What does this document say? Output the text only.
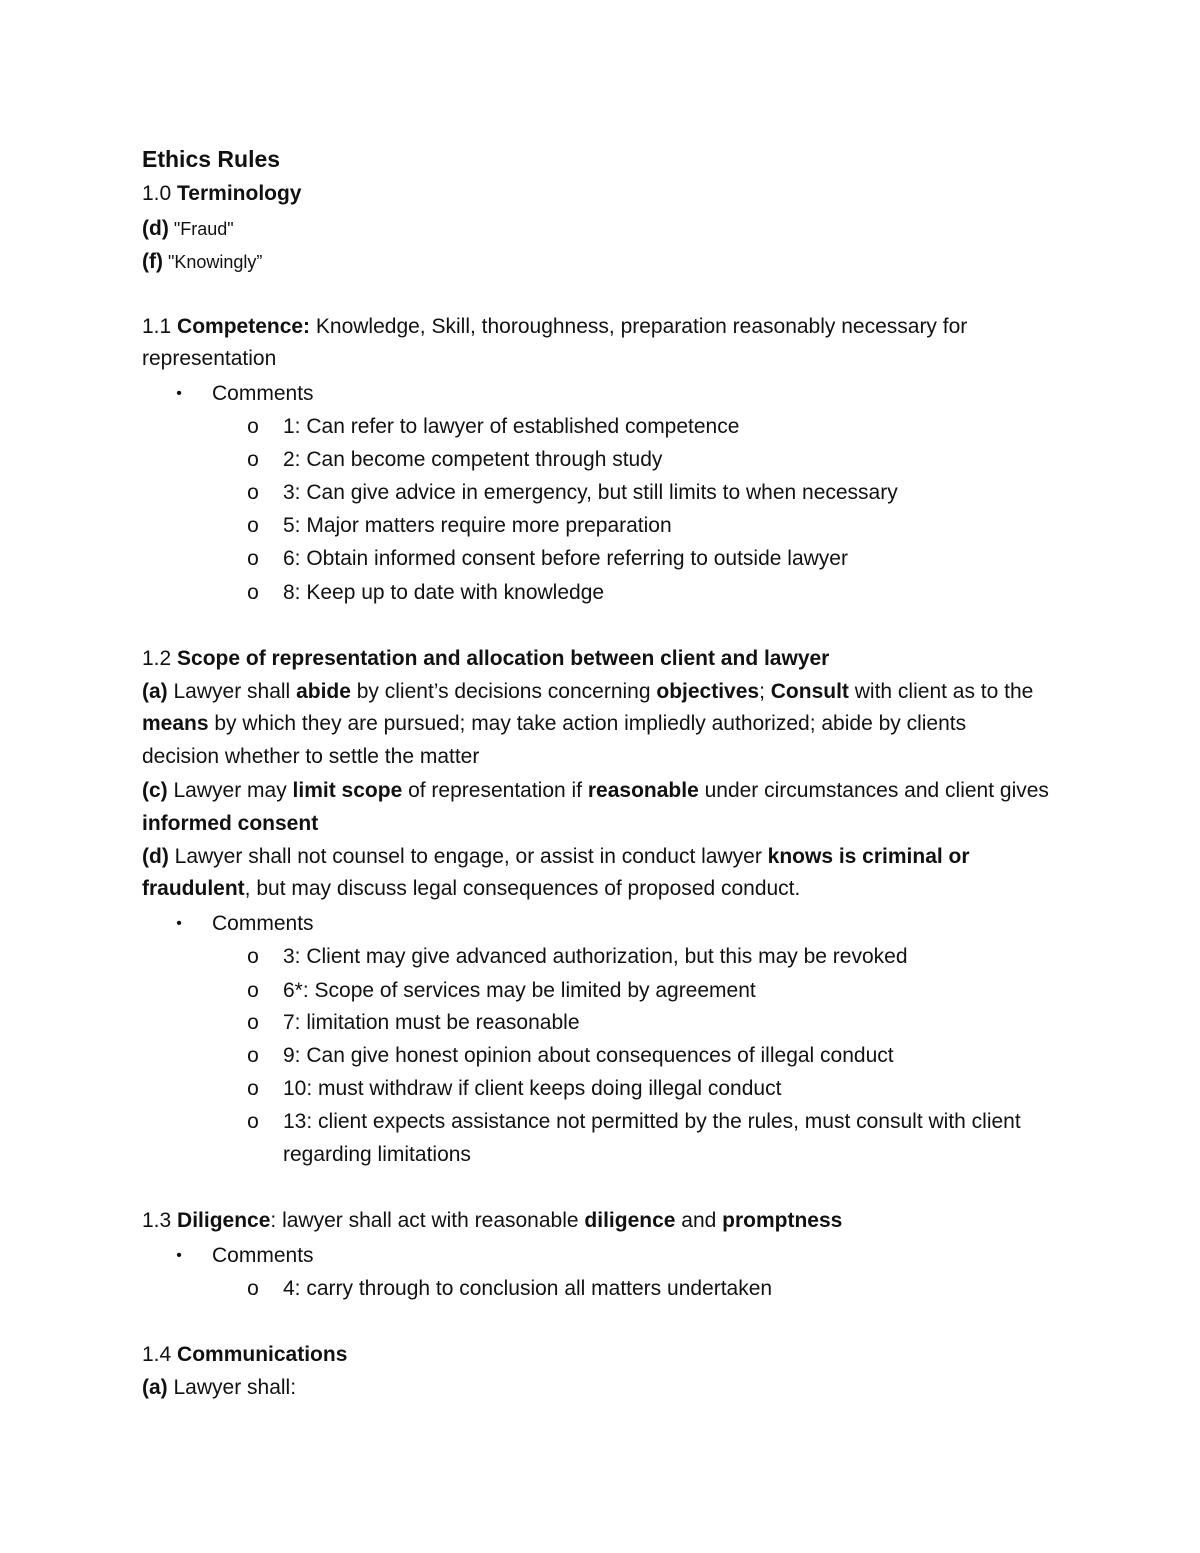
Ethics Rules
1.0 Terminology
(d) "Fraud"
(f) "Knowingly”
1.1 Competence: Knowledge, Skill, thoroughness, preparation reasonably necessary for
representation
• Comments
o 1: Can refer to lawyer of established competence
o 2: Can become competent through study
o 3: Can give advice in emergency, but still limits to when necessary
o 5: Major matters require more preparation
o 6: Obtain informed consent before referring to outside lawyer
o 8: Keep up to date with knowledge
1.2 Scope of representation and allocation between client and lawyer
(a) Lawyer shall abide by client’s decisions concerning objectives; Consult with client as to the
means by which they are pursued; may take action impliedly authorized; abide by clients
decision whether to settle the matter
(c) Lawyer may limit scope of representation if reasonable under circumstances and client gives
informed consent
(d) Lawyer shall not counsel to engage, or assist in conduct lawyer knows is criminal or
fraudulent, but may discuss legal consequences of proposed conduct.
• Comments
o 3: Client may give advanced authorization, but this may be revoked
o 6*: Scope of services may be limited by agreement
o 7: limitation must be reasonable
o 9: Can give honest opinion about consequences of illegal conduct
o 10: must withdraw if client keeps doing illegal conduct
o 13: client expects assistance not permitted by the rules, must consult with client
regarding limitations
1.3 Diligence: lawyer shall act with reasonable diligence and promptness
• Comments
o 4: carry through to conclusion all matters undertaken
1.4 Communications
(a) Lawyer shall:
